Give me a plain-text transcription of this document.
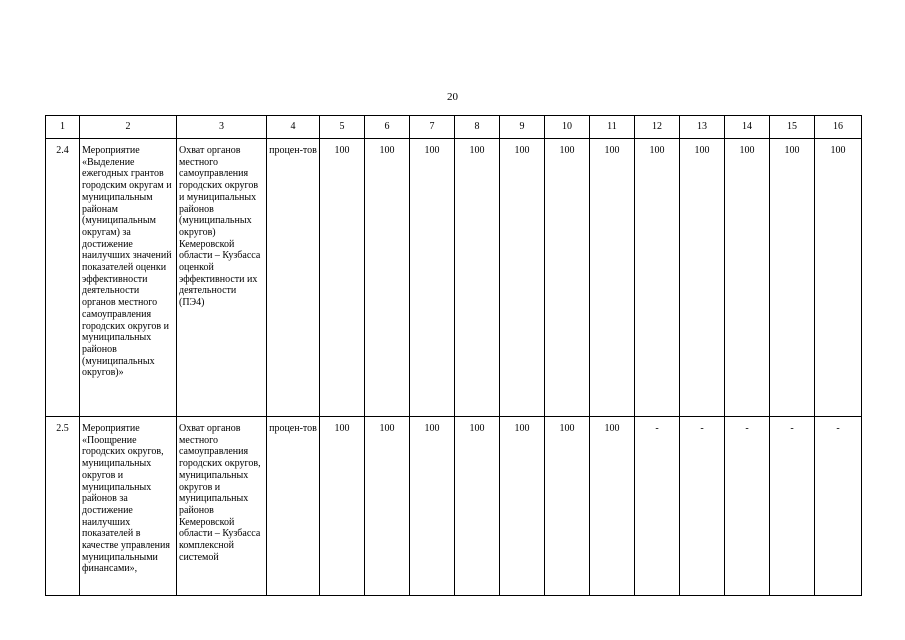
20
1	2	3	4	5	6	7	8	9	10	11	12	13	14	15	16
2.4	Мероприятие «Выделение ежегодных грантов городским округам и муниципальным районам (муниципальным округам) за достижение наилучших значений показателей оценки эффективности деятельности органов местного самоуправления городских округов и муниципальных районов (муниципальных округов)»	Охват органов местного самоуправления городских округов и муниципальных районов (муниципальных округов) Кемеровской области – Кузбасса оценкой эффективности их деятельности (ПЭ4)	процен-тов	100	100	100	100	100	100	100	100	100	100	100	100
2.5	Мероприятие «Поощрение городских округов, муниципальных округов и муниципальных районов за достижение наилучших показателей в качестве управления муниципальными финансами»,	Охват органов местного самоуправления городских округов, муниципальных округов и муниципальных районов Кемеровской области – Кузбасса комплексной системой	процен-тов	100	100	100	100	100	100	100	-	-	-	-	-
